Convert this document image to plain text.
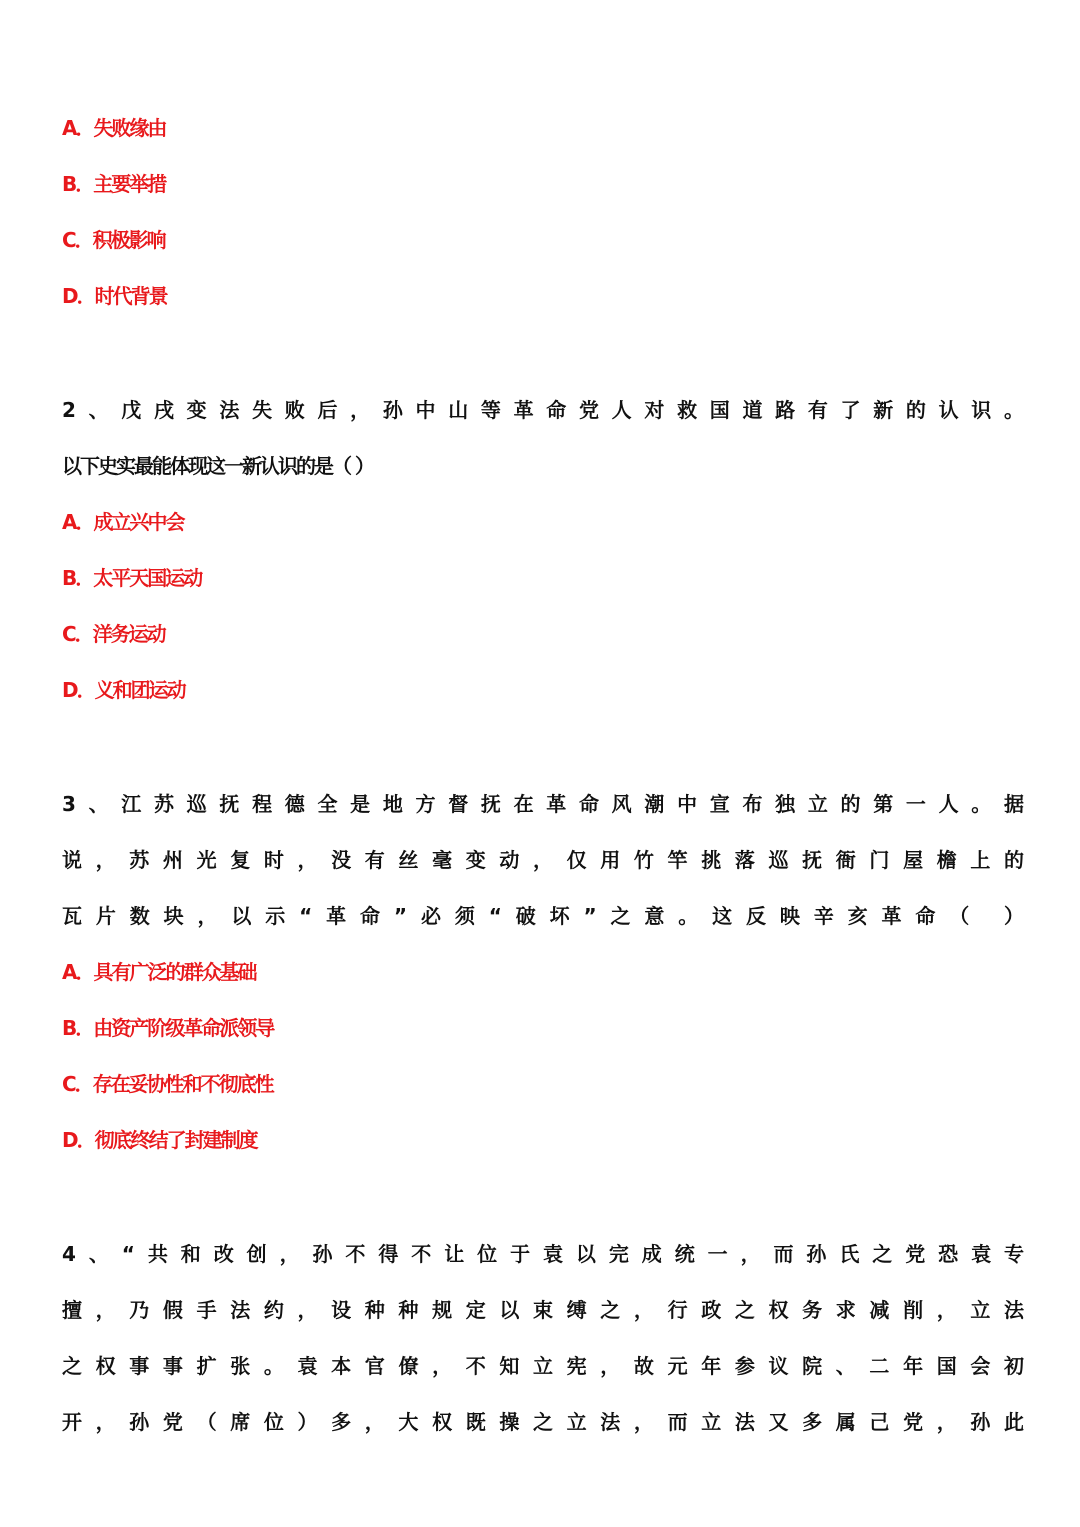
A．失败缘由
B．主要举措
C．积极影响
D．时代背景
2、戊戌变法失败后，孙中山等革命党人对救国道路有了新的认识。
以下史实最能体现这一新认识的是（ ）
A．成立兴中会
B．太平天国运动
C．洋务运动
D．义和团运动
3、江苏巡抚程德全是地方督抚在革命风潮中宣布独立的第一人。据
说，苏州光复时，没有丝毫变动，仅用竹竿挑落巡抚衙门屋檐上的
瓦片数块，以示“革命”必须“破坏”之意。这反映辛亥革命（ ）
A．具有广泛的群众基础
B．由资产阶级革命派领导
C．存在妥协性和不彻底性
D．彻底终结了封建制度
4、“共和改创，孙不得不让位于袁以完成统一，而孙氏之党恐袁专
擅，乃假手法约，设种种规定以束缚之，行政之权务求减削，立法
之权事事扩张。袁本官僚，不知立宪，故元年参议院、二年国会初
开，孙党（席位）多，大权既操之立法，而立法又多属己党，孙此
